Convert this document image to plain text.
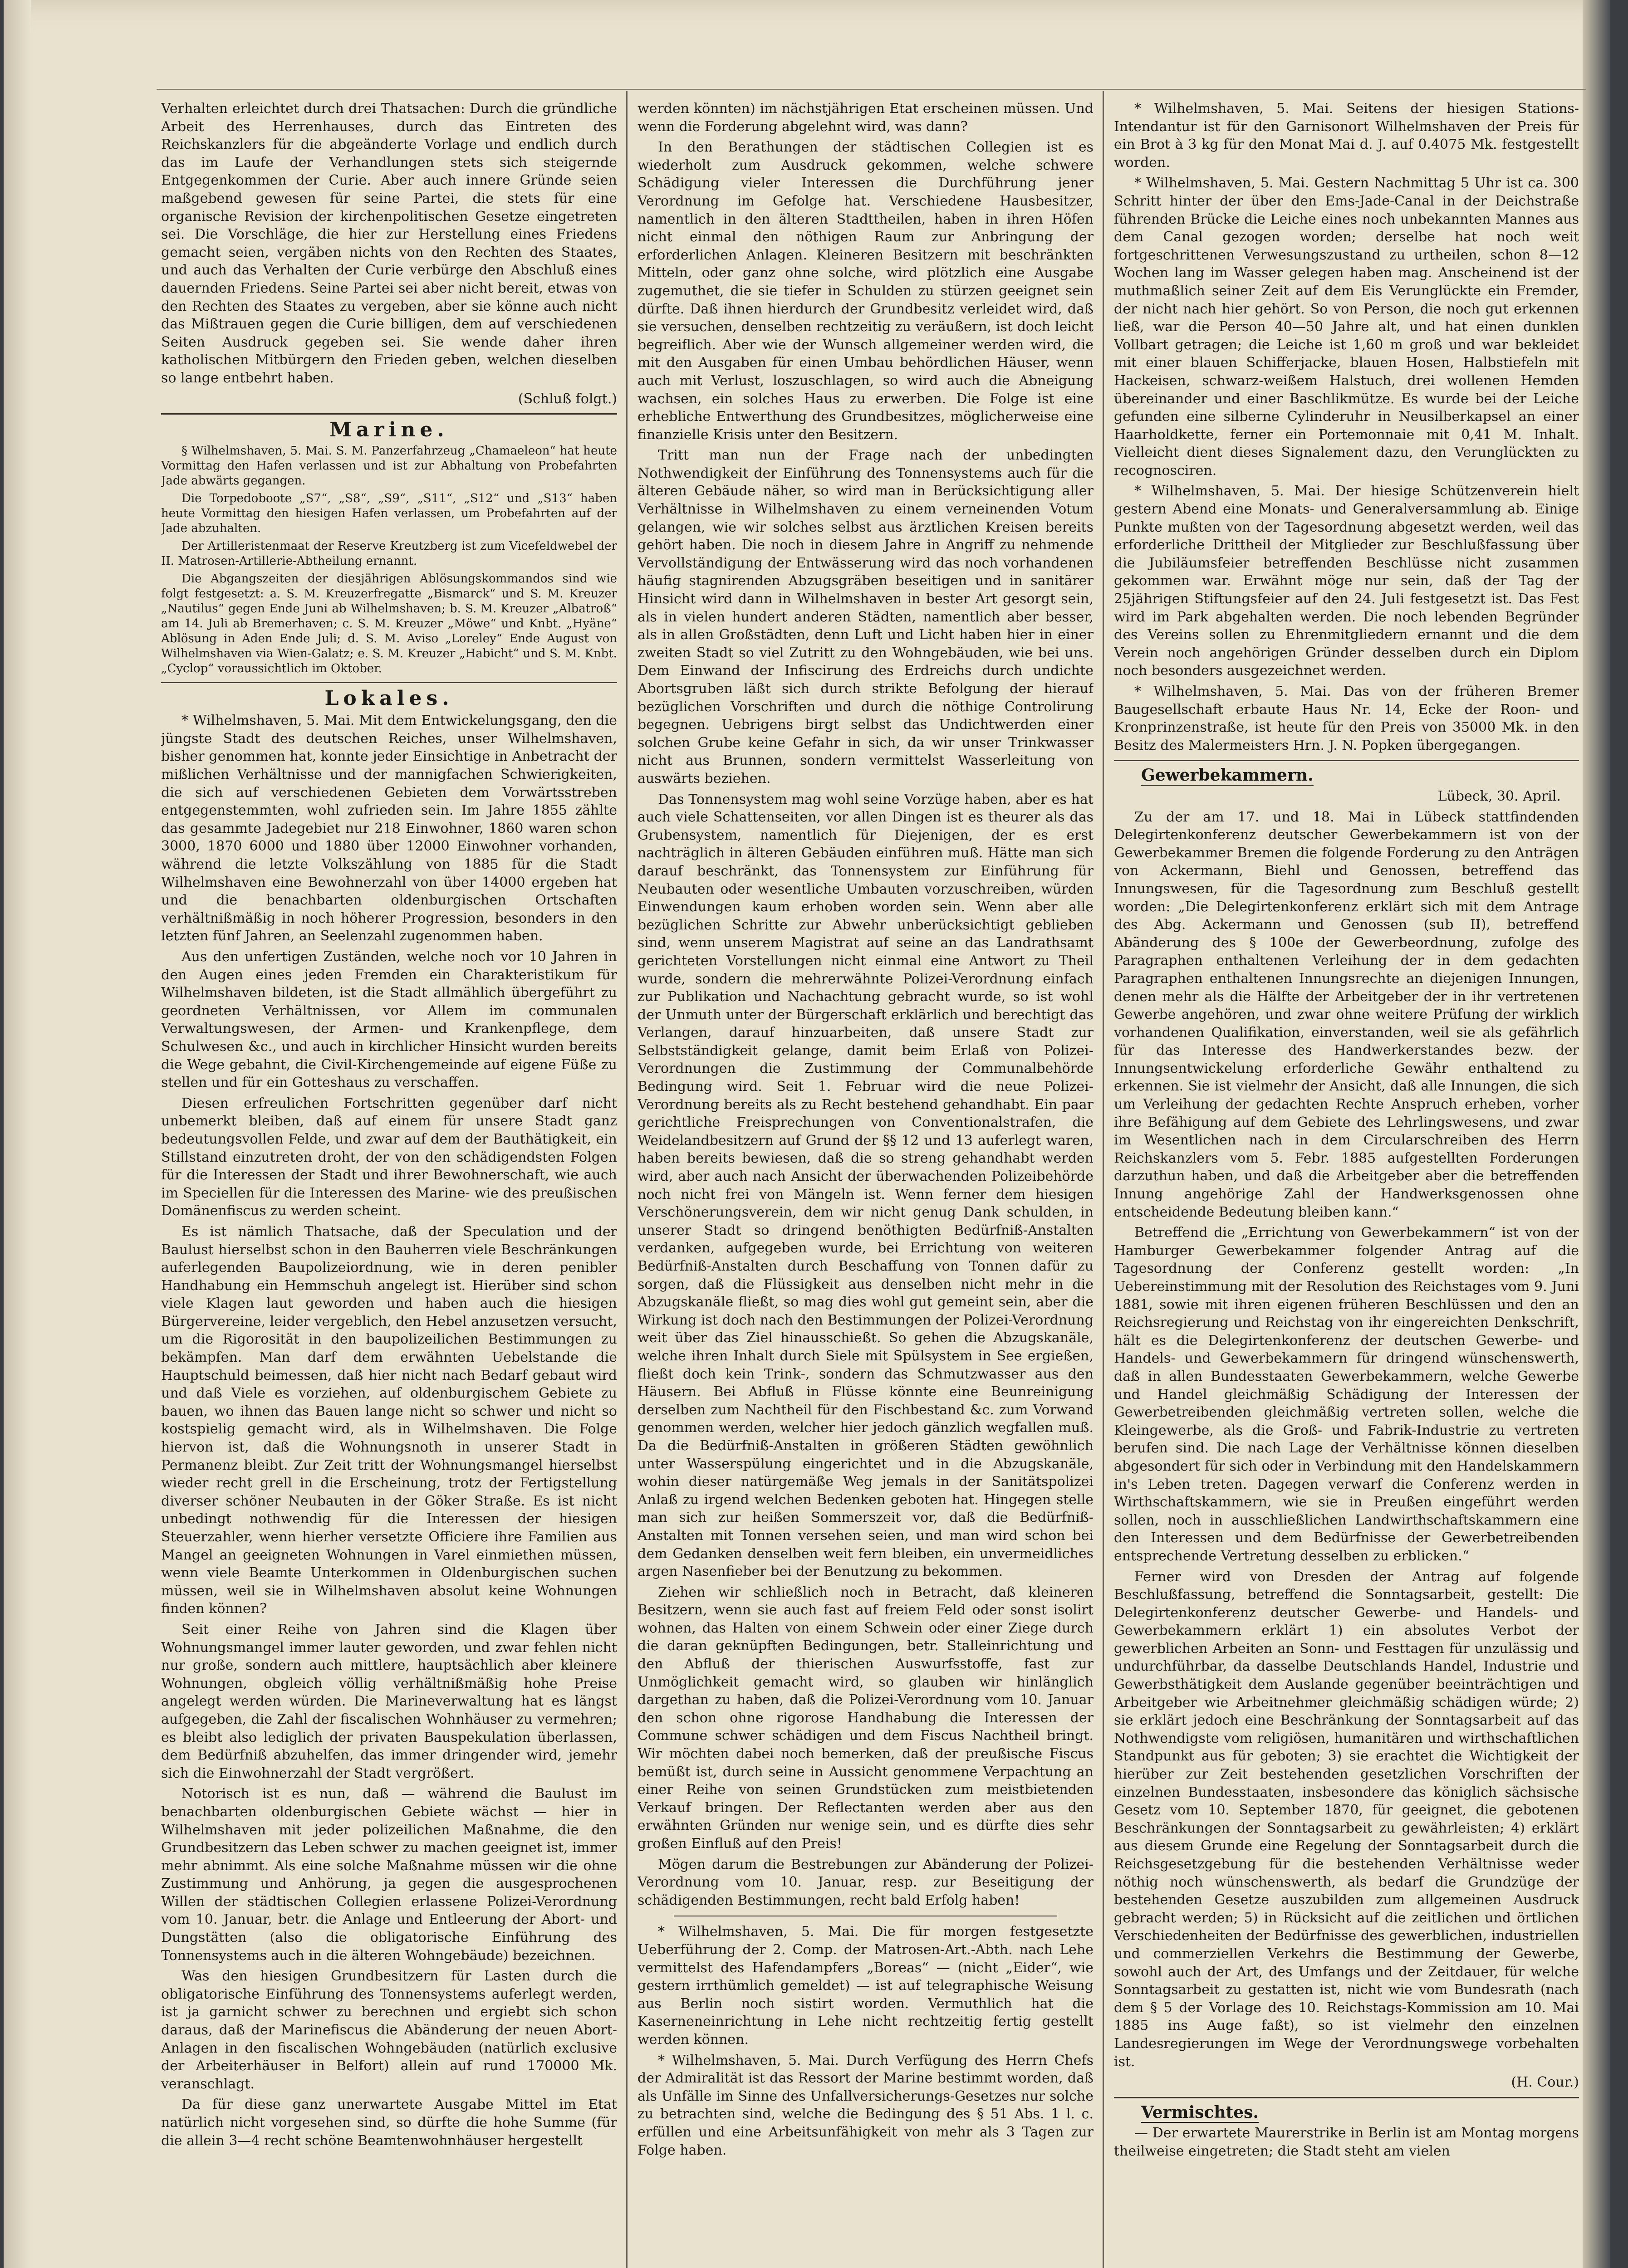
Verhalten erleichtet durch drei Thatsachen: Durch die gründliche Arbeit des Herrenhauses, durch das Eintreten des Reichskanzlers für die abgeänderte Vorlage und endlich durch das im Laufe der Verhandlungen stets sich steigernde Entgegenkommen der Curie. Aber auch innere Gründe seien maßgebend gewesen für seine Partei, die stets für eine organische Revision der kirchenpolitischen Gesetze eingetreten sei. Die Vorschläge, die hier zur Herstellung eines Friedens gemacht seien, vergäben nichts von den Rechten des Staates, und auch das Verhalten der Curie verbürge den Abschluß eines dauernden Friedens. Seine Partei sei aber nicht bereit, etwas von den Rechten des Staates zu vergeben, aber sie könne auch nicht das Mißtrauen gegen die Curie billigen, dem auf verschiedenen Seiten Ausdruck gegeben sei. Sie wende daher ihren katholischen Mitbürgern den Frieden geben, welchen dieselben so lange entbehrt haben.

(Schluß folgt.)

Marine.

§ Wilhelmshaven, 5. Mai. S. M. Panzerfahrzeug „Chamaeleon“ hat heute Vormittag den Hafen verlassen und ist zur Abhaltung von Probefahrten Jade abwärts gegangen.

Die Torpedoboote „S7“, „S8“, „S9“, „S11“, „S12“ und „S13“ haben heute Vormittag den hiesigen Hafen verlassen, um Probefahrten auf der Jade abzuhalten.

Der Artilleristenmaat der Reserve Kreutzberg ist zum Vicefeldwebel der II. Matrosen-Artillerie-Abtheilung ernannt.

Die Abgangszeiten der diesjährigen Ablösungskommandos sind wie folgt festgesetzt: a. S. M. Kreuzerfregatte „Bismarck“ und S. M. Kreuzer „Nautilus“ gegen Ende Juni ab Wilhelmshaven; b. S. M. Kreuzer „Albatroß“ am 14. Juli ab Bremerhaven; c. S. M. Kreuzer „Möwe“ und Knbt. „Hyäne“ Ablösung in Aden Ende Juli; d. S. M. Aviso „Loreley“ Ende August von Wilhelmshaven via Wien-Galatz; e. S. M. Kreuzer „Habicht“ und S. M. Knbt. „Cyclop“ voraussichtlich im Oktober.

Lokales.

* Wilhelmshaven, 5. Mai. Mit dem Entwickelungsgang, den die jüngste Stadt des deutschen Reiches, unser Wilhelmshaven, bisher genommen hat, konnte jeder Einsichtige in Anbetracht der mißlichen Verhältnisse und der mannigfachen Schwierigkeiten, die sich auf verschiedenen Gebieten dem Vorwärtsstreben entgegenstemmten, wohl zufrieden sein. Im Jahre 1855 zählte das gesammte Jadegebiet nur 218 Einwohner, 1860 waren schon 3000, 1870 6000 und 1880 über 12000 Einwohner vorhanden, während die letzte Volkszählung von 1885 für die Stadt Wilhelmshaven eine Bewohnerzahl von über 14000 ergeben hat und die benachbarten oldenburgischen Ortschaften verhältnißmäßig in noch höherer Progression, besonders in den letzten fünf Jahren, an Seelenzahl zugenommen haben.

Aus den unfertigen Zuständen, welche noch vor 10 Jahren in den Augen eines jeden Fremden ein Charakteristikum für Wilhelmshaven bildeten, ist die Stadt allmählich übergeführt zu geordneten Verhältnissen, vor Allem im communalen Verwaltungswesen, der Armen- und Krankenpflege, dem Schulwesen &c., und auch in kirchlicher Hinsicht wurden bereits die Wege gebahnt, die Civil-Kirchengemeinde auf eigene Füße zu stellen und für ein Gotteshaus zu verschaffen.

Diesen erfreulichen Fortschritten gegenüber darf nicht unbemerkt bleiben, daß auf einem für unsere Stadt ganz bedeutungsvollen Felde, und zwar auf dem der Bauthätigkeit, ein Stillstand einzutreten droht, der von den schädigendsten Folgen für die Interessen der Stadt und ihrer Bewohnerschaft, wie auch im Speciellen für die Interessen des Marine- wie des preußischen Domänenfiscus zu werden scheint.

Es ist nämlich Thatsache, daß der Speculation und der Baulust hierselbst schon in den Bauherren viele Beschränkungen auferlegenden Baupolizeiordnung, wie in deren penibler Handhabung ein Hemmschuh angelegt ist. Hierüber sind schon viele Klagen laut geworden und haben auch die hiesigen Bürgervereine, leider vergeblich, den Hebel anzusetzen versucht, um die Rigorosität in den baupolizeilichen Bestimmungen zu bekämpfen. Man darf dem erwähnten Uebelstande die Hauptschuld beimessen, daß hier nicht nach Bedarf gebaut wird und daß Viele es vorziehen, auf oldenburgischem Gebiete zu bauen, wo ihnen das Bauen lange nicht so schwer und nicht so kostspielig gemacht wird, als in Wilhelmshaven. Die Folge hiervon ist, daß die Wohnungsnoth in unserer Stadt in Permanenz bleibt. Zur Zeit tritt der Wohnungsmangel hierselbst wieder recht grell in die Erscheinung, trotz der Fertigstellung diverser schöner Neubauten in der Göker Straße. Es ist nicht unbedingt nothwendig für die Interessen der hiesigen Steuerzahler, wenn hierher versetzte Officiere ihre Familien aus Mangel an geeigneten Wohnungen in Varel einmiethen müssen, wenn viele Beamte Unterkommen in Oldenburgischen suchen müssen, weil sie in Wilhelmshaven absolut keine Wohnungen finden können?

Seit einer Reihe von Jahren sind die Klagen über Wohnungsmangel immer lauter geworden, und zwar fehlen nicht nur große, sondern auch mittlere, hauptsächlich aber kleinere Wohnungen, obgleich völlig verhältnißmäßig hohe Preise angelegt werden würden. Die Marineverwaltung hat es längst aufgegeben, die Zahl der fiscalischen Wohnhäuser zu vermehren; es bleibt also lediglich der privaten Bauspekulation überlassen, dem Bedürfniß abzuhelfen, das immer dringender wird, jemehr sich die Einwohnerzahl der Stadt vergrößert.

Notorisch ist es nun, daß — während die Baulust im benachbarten oldenburgischen Gebiete wächst — hier in Wilhelmshaven mit jeder polizeilichen Maßnahme, die den Grundbesitzern das Leben schwer zu machen geeignet ist, immer mehr abnimmt. Als eine solche Maßnahme müssen wir die ohne Zustimmung und Anhörung, ja gegen die ausgesprochenen Willen der städtischen Collegien erlassene Polizei-Verordnung vom 10. Januar, betr. die Anlage und Entleerung der Abort- und Dungstätten (also die obligatorische Einführung des Tonnensystems auch in die älteren Wohngebäude) bezeichnen.

Was den hiesigen Grundbesitzern für Lasten durch die obligatorische Einführung des Tonnensystems auferlegt werden, ist ja garnicht schwer zu berechnen und ergiebt sich schon daraus, daß der Marinefiscus die Abänderung der neuen Abort-Anlagen in den fiscalischen Wohngebäuden (natürlich exclusive der Arbeiterhäuser in Belfort) allein auf rund 170000 Mk. veranschlagt.

Da für diese ganz unerwartete Ausgabe Mittel im Etat natürlich nicht vorgesehen sind, so dürfte die hohe Summe (für die allein 3—4 recht schöne Beamtenwohnhäuser hergestellt

werden könnten) im nächstjährigen Etat erscheinen müssen. Und wenn die Forderung abgelehnt wird, was dann?

In den Berathungen der städtischen Collegien ist es wiederholt zum Ausdruck gekommen, welche schwere Schädigung vieler Interessen die Durchführung jener Verordnung im Gefolge hat. Verschiedene Hausbesitzer, namentlich in den älteren Stadttheilen, haben in ihren Höfen nicht einmal den nöthigen Raum zur Anbringung der erforderlichen Anlagen. Kleineren Besitzern mit beschränkten Mitteln, oder ganz ohne solche, wird plötzlich eine Ausgabe zugemuthet, die sie tiefer in Schulden zu stürzen geeignet sein dürfte. Daß ihnen hierdurch der Grundbesitz verleidet wird, daß sie versuchen, denselben rechtzeitig zu veräußern, ist doch leicht begreiflich. Aber wie der Wunsch allgemeiner werden wird, die mit den Ausgaben für einen Umbau behördlichen Häuser, wenn auch mit Verlust, loszuschlagen, so wird auch die Abneigung wachsen, ein solches Haus zu erwerben. Die Folge ist eine erhebliche Entwerthung des Grundbesitzes, möglicherweise eine finanzielle Krisis unter den Besitzern.

Tritt man nun der Frage nach der unbedingten Nothwendigkeit der Einführung des Tonnensystems auch für die älteren Gebäude näher, so wird man in Berücksichtigung aller Verhältnisse in Wilhelmshaven zu einem verneinenden Votum gelangen, wie wir solches selbst aus ärztlichen Kreisen bereits gehört haben. Die noch in diesem Jahre in Angriff zu nehmende Vervollständigung der Entwässerung wird das noch vorhandenen häufig stagnirenden Abzugsgräben beseitigen und in sanitärer Hinsicht wird dann in Wilhelmshaven in bester Art gesorgt sein, als in vielen hundert anderen Städten, namentlich aber besser, als in allen Großstädten, denn Luft und Licht haben hier in einer zweiten Stadt so viel Zutritt zu den Wohngebäuden, wie bei uns. Dem Einwand der Infiscirung des Erdreichs durch undichte Abortsgruben läßt sich durch strikte Befolgung der hierauf bezüglichen Vorschriften und durch die nöthige Controlirung begegnen. Uebrigens birgt selbst das Undichtwerden einer solchen Grube keine Gefahr in sich, da wir unser Trinkwasser nicht aus Brunnen, sondern vermittelst Wasserleitung von auswärts beziehen.

Das Tonnensystem mag wohl seine Vorzüge haben, aber es hat auch viele Schattenseiten, vor allen Dingen ist es theurer als das Grubensystem, namentlich für Diejenigen, der es erst nachträglich in älteren Gebäuden einführen muß. Hätte man sich darauf beschränkt, das Tonnensystem zur Einführung für Neubauten oder wesentliche Umbauten vorzuschreiben, würden Einwendungen kaum erhoben worden sein. Wenn aber alle bezüglichen Schritte zur Abwehr unberücksichtigt geblieben sind, wenn unserem Magistrat auf seine an das Landrathsamt gerichteten Vorstellungen nicht einmal eine Antwort zu Theil wurde, sondern die mehrerwähnte Polizei-Verordnung einfach zur Publikation und Nachachtung gebracht wurde, so ist wohl der Unmuth unter der Bürgerschaft erklärlich und berechtigt das Verlangen, darauf hinzuarbeiten, daß unsere Stadt zur Selbstständigkeit gelange, damit beim Erlaß von Polizei-Verordnungen die Zustimmung der Communalbehörde Bedingung wird. Seit 1. Februar wird die neue Polizei-Verordnung bereits als zu Recht bestehend gehandhabt. Ein paar gerichtliche Freisprechungen von Conventionalstrafen, die Weidelandbesitzern auf Grund der §§ 12 und 13 auferlegt waren, haben bereits bewiesen, daß die so streng gehandhabt werden wird, aber auch nach Ansicht der überwachenden Polizeibehörde noch nicht frei von Mängeln ist. Wenn ferner dem hiesigen Verschönerungsverein, dem wir nicht genug Dank schulden, in unserer Stadt so dringend benöthigten Bedürfniß-Anstalten verdanken, aufgegeben wurde, bei Errichtung von weiteren Bedürfniß-Anstalten durch Beschaffung von Tonnen dafür zu sorgen, daß die Flüssigkeit aus denselben nicht mehr in die Abzugskanäle fließt, so mag dies wohl gut gemeint sein, aber die Wirkung ist doch nach den Bestimmungen der Polizei-Verordnung weit über das Ziel hinausschießt. So gehen die Abzugskanäle, welche ihren Inhalt durch Siele mit Spülsystem in See ergießen, fließt doch kein Trink-, sondern das Schmutzwasser aus den Häusern. Bei Abfluß in Flüsse könnte eine Beunreinigung derselben zum Nachtheil für den Fischbestand &c. zum Vorwand genommen werden, welcher hier jedoch gänzlich wegfallen muß. Da die Bedürfniß-Anstalten in größeren Städten gewöhnlich unter Wasserspülung eingerichtet und in die Abzugskanäle, wohin dieser natürgemäße Weg jemals in der Sanitätspolizei Anlaß zu irgend welchen Bedenken geboten hat. Hingegen stelle man sich zur heißen Sommerszeit vor, daß die Bedürfniß-Anstalten mit Tonnen versehen seien, und man wird schon bei dem Gedanken denselben weit fern bleiben, ein unvermeidliches argen Nasenfieber bei der Benutzung zu bekommen.

Ziehen wir schließlich noch in Betracht, daß kleineren Besitzern, wenn sie auch fast auf freiem Feld oder sonst isolirt wohnen, das Halten von einem Schwein oder einer Ziege durch die daran geknüpften Bedingungen, betr. Stalleinrichtung und den Abfluß der thierischen Auswurfsstoffe, fast zur Unmöglichkeit gemacht wird, so glauben wir hinlänglich dargethan zu haben, daß die Polizei-Verordnung vom 10. Januar den schon ohne rigorose Handhabung die Interessen der Commune schwer schädigen und dem Fiscus Nachtheil bringt. Wir möchten dabei noch bemerken, daß der preußische Fiscus bemüßt ist, durch seine in Aussicht genommene Verpachtung an einer Reihe von seinen Grundstücken zum meistbietenden Verkauf bringen. Der Reflectanten werden aber aus den erwähnten Gründen nur wenige sein, und es dürfte dies sehr großen Einfluß auf den Preis!

Mögen darum die Bestrebungen zur Abänderung der Polizei-Verordnung vom 10. Januar, resp. zur Beseitigung der schädigenden Bestimmungen, recht bald Erfolg haben!

* Wilhelmshaven, 5. Mai. Die für morgen festgesetzte Ueberführung der 2. Comp. der Matrosen-Art.-Abth. nach Lehe vermittelst des Hafendampfers „Boreas“ — (nicht „Eider“, wie gestern irrthümlich gemeldet) — ist auf telegraphische Weisung aus Berlin noch sistirt worden. Vermuthlich hat die Kaserneneinrichtung in Lehe nicht rechtzeitig fertig gestellt werden können.

* Wilhelmshaven, 5. Mai. Durch Verfügung des Herrn Chefs der Admiralität ist das Ressort der Marine bestimmt worden, daß als Unfälle im Sinne des Unfallversicherungs-Gesetzes nur solche zu betrachten sind, welche die Bedingung des § 51 Abs. 1 l. c. erfüllen und eine Arbeitsunfähigkeit von mehr als 3 Tagen zur Folge haben.

* Wilhelmshaven, 5. Mai. Seitens der hiesigen Stations-Intendantur ist für den Garnisonort Wilhelmshaven der Preis für ein Brot à 3 kg für den Monat Mai d. J. auf 0.4075 Mk. festgestellt worden.

* Wilhelmshaven, 5. Mai. Gestern Nachmittag 5 Uhr ist ca. 300 Schritt hinter der über den Ems-Jade-Canal in der Deichstraße führenden Brücke die Leiche eines noch unbekannten Mannes aus dem Canal gezogen worden; derselbe hat noch weit fortgeschrittenen Verwesungszustand zu urtheilen, schon 8—12 Wochen lang im Wasser gelegen haben mag. Anscheinend ist der muthmaßlich seiner Zeit auf dem Eis Verunglückte ein Fremder, der nicht nach hier gehört. So von Person, die noch gut erkennen ließ, war die Person 40—50 Jahre alt, und hat einen dunklen Vollbart getragen; die Leiche ist 1,60 m groß und war bekleidet mit einer blauen Schifferjacke, blauen Hosen, Halbstiefeln mit Hackeisen, schwarz-weißem Halstuch, drei wollenen Hemden übereinander und einer Baschlikmütze. Es wurde bei der Leiche gefunden eine silberne Cylinderuhr in Neusilberkapsel an einer Haarholdkette, ferner ein Portemonnaie mit 0,41 M. Inhalt. Vielleicht dient dieses Signalement dazu, den Verunglückten zu recognosciren.

* Wilhelmshaven, 5. Mai. Der hiesige Schützenverein hielt gestern Abend eine Monats- und Generalversammlung ab. Einige Punkte mußten von der Tagesordnung abgesetzt werden, weil das erforderliche Drittheil der Mitglieder zur Beschlußfassung über die Jubiläumsfeier betreffenden Beschlüsse nicht zusammen gekommen war. Erwähnt möge nur sein, daß der Tag der 25jährigen Stiftungsfeier auf den 24. Juli festgesetzt ist. Das Fest wird im Park abgehalten werden. Die noch lebenden Begründer des Vereins sollen zu Ehrenmitgliedern ernannt und die dem Verein noch angehörigen Gründer desselben durch ein Diplom noch besonders ausgezeichnet werden.

* Wilhelmshaven, 5. Mai. Das von der früheren Bremer Baugesellschaft erbaute Haus Nr. 14, Ecke der Roon- und Kronprinzenstraße, ist heute für den Preis von 35000 Mk. in den Besitz des Malermeisters Hrn. J. N. Popken übergegangen.

Gewerbekammern.

Lübeck, 30. April.

Zu der am 17. und 18. Mai in Lübeck stattfindenden Delegirtenkonferenz deutscher Gewerbekammern ist von der Gewerbekammer Bremen die folgende Forderung zu den Anträgen von Ackermann, Biehl und Genossen, betreffend das Innungswesen, für die Tagesordnung zum Beschluß gestellt worden: „Die Delegirtenkonferenz erklärt sich mit dem Antrage des Abg. Ackermann und Genossen (sub II), betreffend Abänderung des § 100e der Gewerbeordnung, zufolge des Paragraphen enthaltenen Verleihung der in dem gedachten Paragraphen enthaltenen Innungsrechte an diejenigen Innungen, denen mehr als die Hälfte der Arbeitgeber der in ihr vertretenen Gewerbe angehören, und zwar ohne weitere Prüfung der wirklich vorhandenen Qualifikation, einverstanden, weil sie als gefährlich für das Interesse des Handwerkerstandes bezw. der Innungsentwickelung erforderliche Gewähr enthaltend zu erkennen. Sie ist vielmehr der Ansicht, daß alle Innungen, die sich um Verleihung der gedachten Rechte Anspruch erheben, vorher ihre Befähigung auf dem Gebiete des Lehrlingswesens, und zwar im Wesentlichen nach in dem Circularschreiben des Herrn Reichskanzlers vom 5. Febr. 1885 aufgestellten Forderungen darzuthun haben, und daß die Arbeitgeber aber die betreffenden Innung angehörige Zahl der Handwerksgenossen ohne entscheidende Bedeutung bleiben kann.“

Betreffend die „Errichtung von Gewerbekammern“ ist von der Hamburger Gewerbekammer folgender Antrag auf die Tagesordnung der Conferenz gestellt worden: „In Uebereinstimmung mit der Resolution des Reichstages vom 9. Juni 1881, sowie mit ihren eigenen früheren Beschlüssen und den an Reichsregierung und Reichstag von ihr eingereichten Denkschrift, hält es die Delegirtenkonferenz der deutschen Gewerbe- und Handels- und Gewerbekammern für dringend wünschenswerth, daß in allen Bundesstaaten Gewerbekammern, welche Gewerbe und Handel gleichmäßig Schädigung der Interessen der Gewerbetreibenden gleichmäßig vertreten sollen, welche die Kleingewerbe, als die Groß- und Fabrik-Industrie zu vertreten berufen sind. Die nach Lage der Verhältnisse können dieselben abgesondert für sich oder in Verbindung mit den Handelskammern in's Leben treten. Dagegen verwarf die Conferenz werden in Wirthschaftskammern, wie sie in Preußen eingeführt werden sollen, noch in ausschließlichen Landwirthschaftskammern eine den Interessen und dem Bedürfnisse der Gewerbetreibenden entsprechende Vertretung desselben zu erblicken.“

Ferner wird von Dresden der Antrag auf folgende Beschlußfassung, betreffend die Sonntagsarbeit, gestellt: Die Delegirtenkonferenz deutscher Gewerbe- und Handels- und Gewerbekammern erklärt 1) ein absolutes Verbot der gewerblichen Arbeiten an Sonn- und Festtagen für unzulässig und undurchführbar, da dasselbe Deutschlands Handel, Industrie und Gewerbsthätigkeit dem Auslande gegenüber beeinträchtigen und Arbeitgeber wie Arbeitnehmer gleichmäßig schädigen würde; 2) sie erklärt jedoch eine Beschränkung der Sonntagsarbeit auf das Nothwendigste vom religiösen, humanitären und wirthschaftlichen Standpunkt aus für geboten; 3) sie erachtet die Wichtigkeit der hierüber zur Zeit bestehenden gesetzlichen Vorschriften der einzelnen Bundesstaaten, insbesondere das königlich sächsische Gesetz vom 10. September 1870, für geeignet, die gebotenen Beschränkungen der Sonntagsarbeit zu gewährleisten; 4) erklärt aus diesem Grunde eine Regelung der Sonntagsarbeit durch die Reichsgesetzgebung für die bestehenden Verhältnisse weder nöthig noch wünschenswerth, als bedarf die Grundzüge der bestehenden Gesetze auszubilden zum allgemeinen Ausdruck gebracht werden; 5) in Rücksicht auf die zeitlichen und örtlichen Verschiedenheiten der Bedürfnisse des gewerblichen, industriellen und commerziellen Verkehrs die Bestimmung der Gewerbe, sowohl auch der Art, des Umfangs und der Zeitdauer, für welche Sonntagsarbeit zu gestatten ist, nicht wie vom Bundesrath (nach dem § 5 der Vorlage des 10. Reichstags-Kommission am 10. Mai 1885 ins Auge faßt), so ist vielmehr den einzelnen Landesregierungen im Wege der Verordnungswege vorbehalten ist.

(H. Cour.)

Vermischtes.

— Der erwartete Maurerstrike in Berlin ist am Montag morgens theilweise eingetreten; die Stadt steht am vielen
